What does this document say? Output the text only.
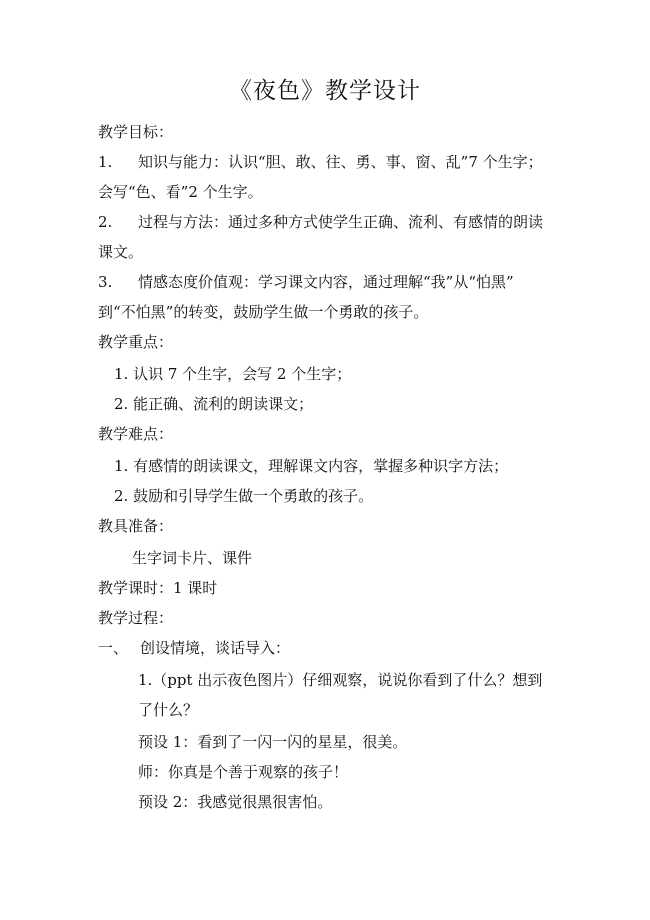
《夜色》教学设计
教学目标：
1. 知识与能力：认识“胆、敢、往、勇、事、窗、乱”7 个生字；
会写“色、看”2 个生字。
2. 过程与方法：通过多种方式使学生正确、流利、有感情的朗读
课文。
3. 情感态度价值观：学习课文内容，通过理解“我”从“怕黑”
到“不怕黑”的转变，鼓励学生做一个勇敢的孩子。
教学重点：
1. 认识 7 个生字，会写 2 个生字；
2. 能正确、流利的朗读课文；
教学难点：
1. 有感情的朗读课文，理解课文内容，掌握多种识字方法；
2. 鼓励和引导学生做一个勇敢的孩子。
教具准备：
生字词卡片、课件
教学课时：1 课时
教学过程：
一、 创设情境，谈话导入：
1.（ppt 出示夜色图片）仔细观察，说说你看到了什么？想到
了什么？
预设 1：看到了一闪一闪的星星，很美。
师：你真是个善于观察的孩子！
预设 2：我感觉很黑很害怕。
